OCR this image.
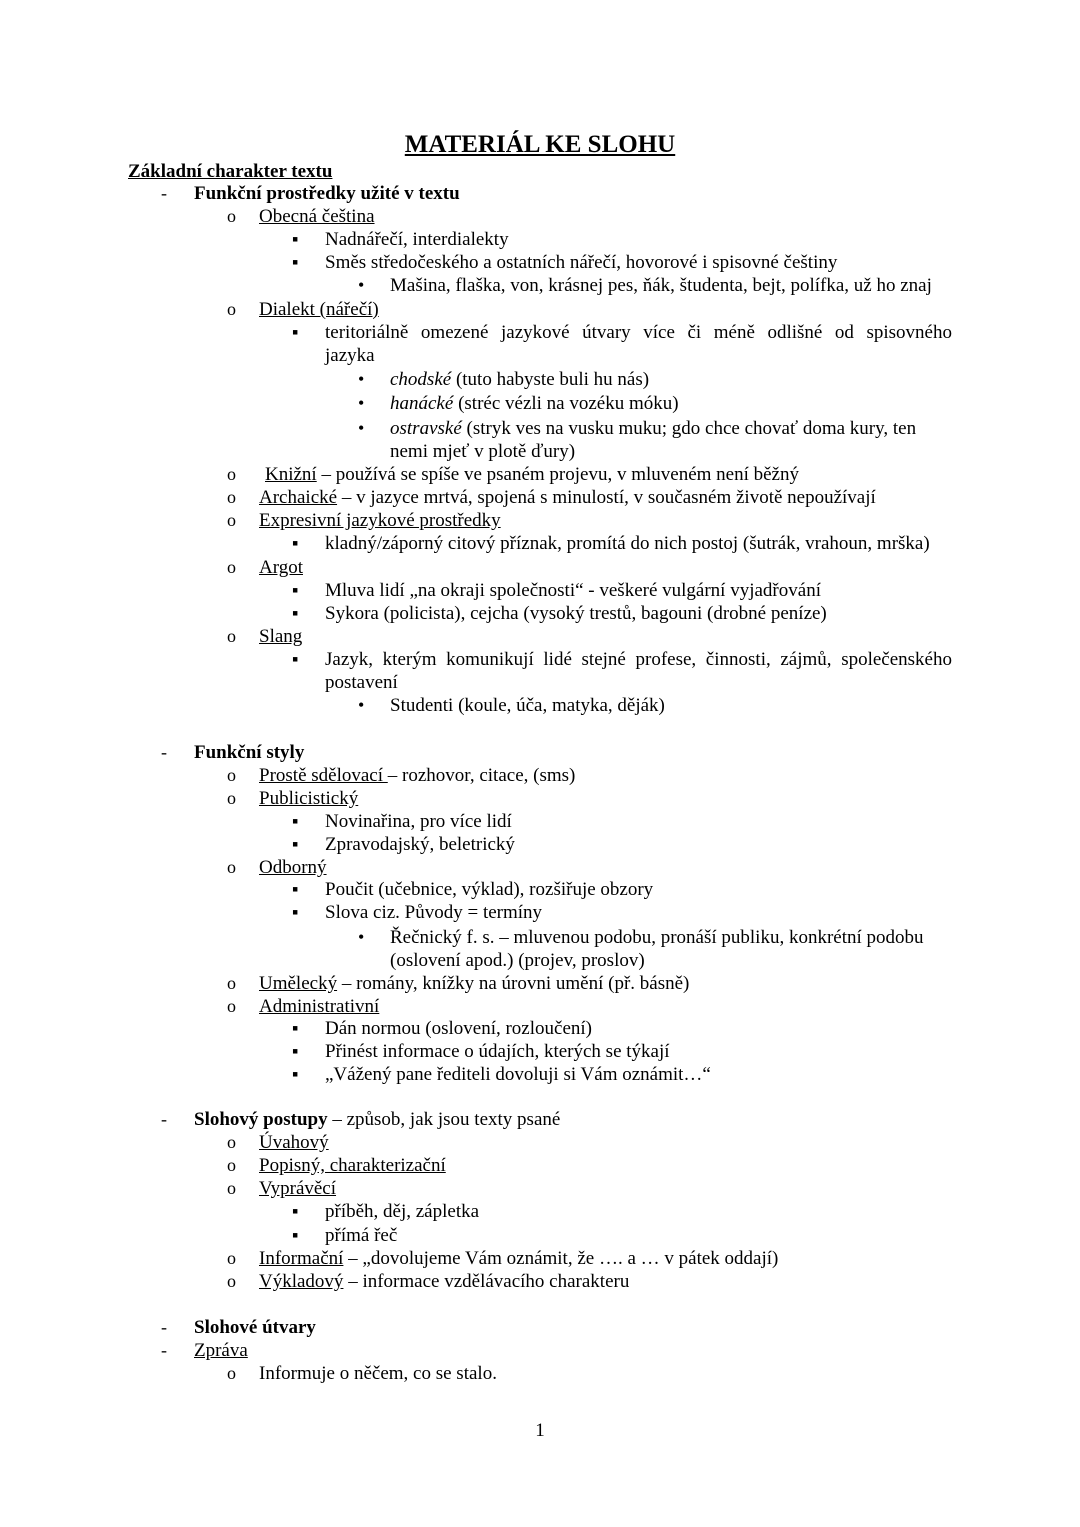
MATERIÁL KE SLOHU
Základní charakter textu
- Funkční prostředky užité v textu
o Obecná čeština
▪ Nadnářečí, interdialekty
▪ Směs středočeského a ostatních nářečí, hovorové i spisovné češtiny
• Mašina, flaška, von, krásnej pes, ňák, študenta, bejt, polífka, už ho znaj
o Dialekt (nářečí)
▪ teritoriálně omezené jazykové útvary více či méně odlišné od spisovného
jazyka
• chodské (tuto habyste buli hu nás)
• hanácké (stréc vézli na vozéku móku)
• ostravské (stryk ves na vusku muku; gdo chce chovať doma kury, ten
nemi mjeť v plotě ďury)
o Knižní – používá se spíše ve psaném projevu, v mluveném není běžný
o Archaické – v jazyce mrtvá, spojená s minulostí, v současném životě nepoužívají
o Expresivní jazykové prostředky
▪ kladný/záporný citový příznak, promítá do nich postoj (šutrák, vrahoun, mrška)
o Argot
▪ Mluva lidí „na okraji společnosti“ - veškeré vulgární vyjadřování
▪ Sykora (policista), cejcha (vysoký trestů, bagouni (drobné peníze)
o Slang
▪ Jazyk, kterým komunikují lidé stejné profese, činnosti, zájmů, společenského
postavení
• Studenti (koule, úča, matyka, děják)
- Funkční styly
o Prostě sdělovací – rozhovor, citace, (sms)
o Publicistický
▪ Novinařina, pro více lidí
▪ Zpravodajský, beletrický
o Odborný
▪ Poučit (učebnice, výklad), rozšiřuje obzory
▪ Slova ciz. Původy = termíny
• Řečnický f. s. – mluvenou podobu, pronáší publiku, konkrétní podobu
(oslovení apod.) (projev, proslov)
o Umělecký – romány, knížky na úrovni umění (př. básně)
o Administrativní
▪ Dán normou (oslovení, rozloučení)
▪ Přinést informace o údajích, kterých se týkají
▪ „Vážený pane řediteli dovoluji si Vám oznámit…“
- Slohový postupy – způsob, jak jsou texty psané
o Úvahový
o Popisný, charakterizační
o Vyprávěcí
▪ příběh, děj, zápletka
▪ přímá řeč
o Informační – „dovolujeme Vám oznámit, že …. a … v pátek oddají)
o Výkladový – informace vzdělávacího charakteru
- Slohové útvary
- Zpráva
o Informuje o něčem, co se stalo.
1
